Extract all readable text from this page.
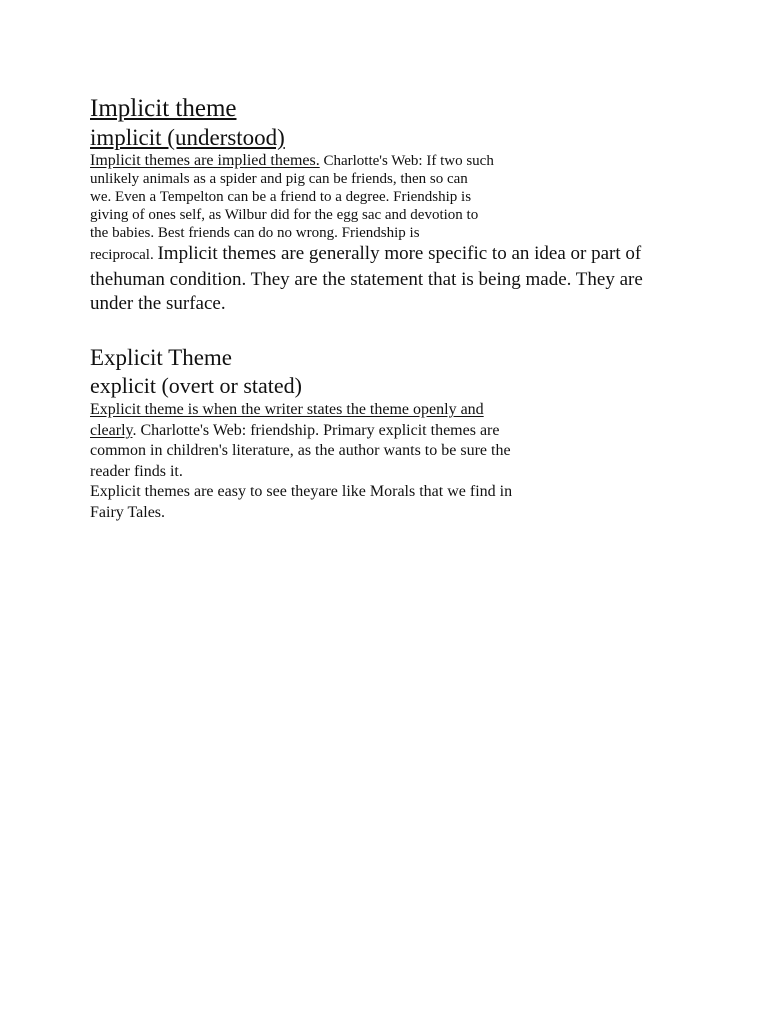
Implicit theme
implicit (understood)
Implicit themes are implied themes. Charlotte's Web: If two such
unlikely animals as a spider and pig can be friends, then so can
we. Even a Tempelton can be a friend to a degree. Friendship is
giving of ones self, as Wilbur did for the egg sac and devotion to
the babies. Best friends can do no wrong. Friendship is
reciprocal. Implicit themes are generally more specific to an idea or part of
thehuman condition. They are the statement that is being made. They are
under the surface.
Explicit Theme
explicit (overt or stated)
Explicit theme is when the writer states the theme openly and
clearly. Charlotte's Web: friendship. Primary explicit themes are
common in children's literature, as the author wants to be sure the
reader finds it.
Explicit themes are easy to see theyare like Morals that we find in
Fairy Tales.
